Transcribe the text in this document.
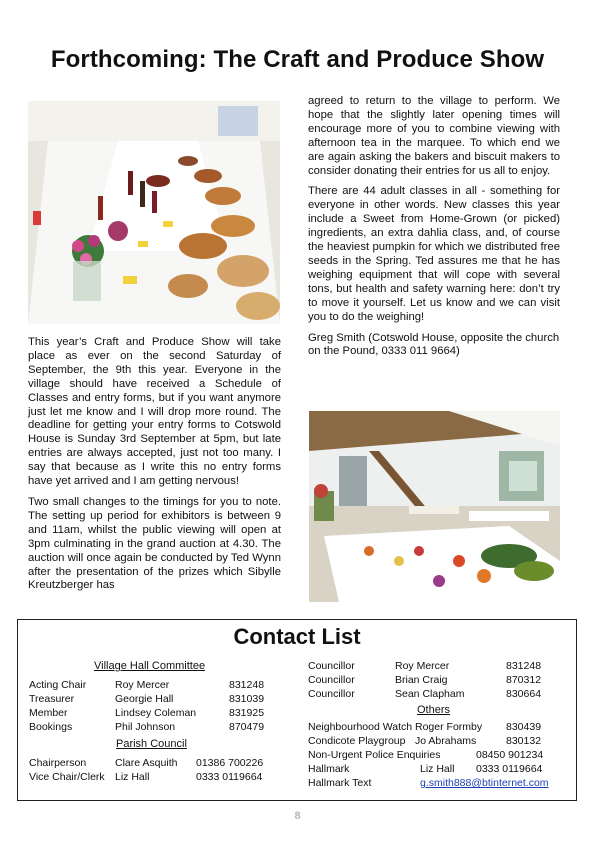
Forthcoming: The Craft and Produce Show

This year’s Craft and Produce Show will take place as ever on the second Saturday of September, the 9th this year. Everyone in the village should have received a Schedule of Classes and entry forms, but if you want anymore just let me know and I will drop more round. The deadline for getting your entry forms to Cotswold House is Sunday 3rd September at 5pm, but late entries are always accepted, just not too many. I say that because as I write this no entry forms have yet arrived and I am getting nervous!

Two small changes to the timings for you to note. The setting up period for exhibitors is between 9 and 11am, whilst the public viewing will open at 3pm culminating in the grand auction at 4.30. The auction will once again be conducted by Ted Wynn after the presentation of the prizes which Sibylle Kreutzberger has

agreed to return to the village to perform. We hope that the slightly later opening times will encourage more of you to combine viewing with afternoon tea in the marquee. To which end we are again asking the bakers and biscuit makers to consider donating their entries for us all to enjoy.

There are 44 adult classes in all - something for everyone in other words. New classes this year include a Sweet from Home-Grown (or picked) ingredients, an extra dahlia class, and, of course the heaviest pumpkin for which we distributed free seeds in the Spring. Ted assures me that he has weighing equipment that will cope with several tons, but health and safety warning here: don’t try to move it yourself. Let us know and we can visit you to do the weighing!

Greg Smith (Cotswold House, opposite the church on the Pound, 0333 011 9664)

Contact List
Village Hall Committee
Acting Chair	Roy Mercer	831248
Treasurer	Georgie Hall	831039
Member	Lindsey Coleman	831925
Bookings	Phil Johnson	870479
Parish Council
Chairperson	Clare Asquith 01386 700226
Vice Chair/Clerk Liz Hall	0333 0119664
Councillor	Roy Mercer	831248
Councillor	Brian Craig	870312
Councillor	Sean Clapham	830664
Others
Neighbourhood Watch Roger Formby 830439
Condicote Playgroup Jo Abrahams	830132
Non-Urgent Police Enquiries	08450 901234
Hallmark	Liz Hall 0333 0119664
Hallmark Text	g.smith888@btinternet.com
8
